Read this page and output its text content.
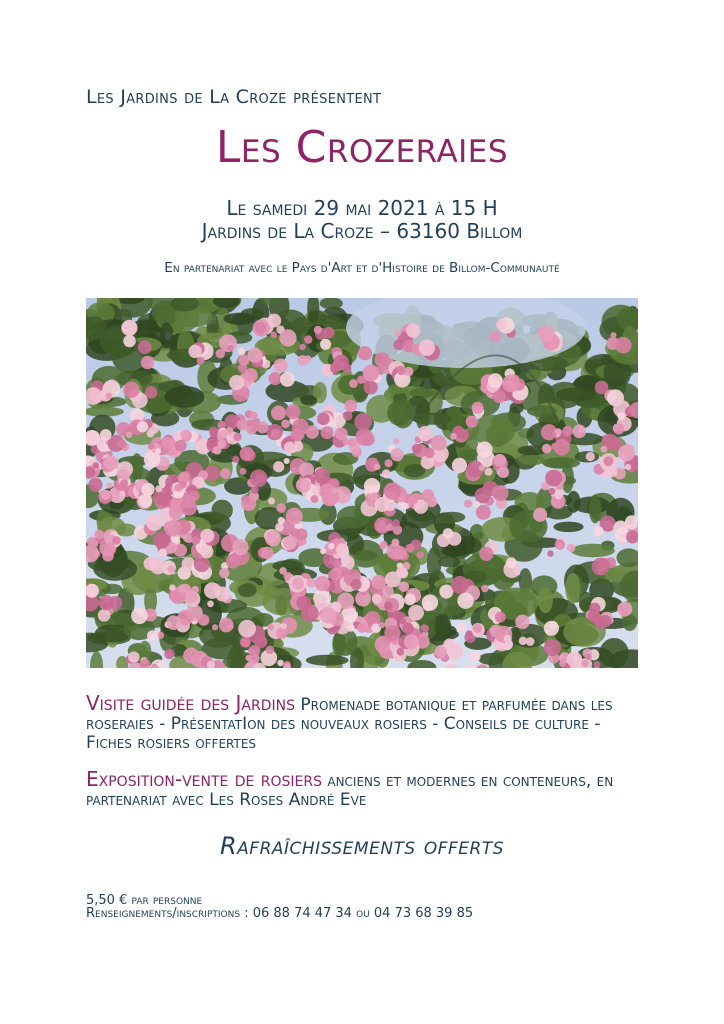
Les Jardins de La Croze présentent
Les Crozeraies
Le samedi 29 mai 2021 à 15 H
Jardins de La Croze – 63160 Billom
En partenariat avec le Pays d'Art et d'Histoire de Billom-Communauté
Visite guidée des Jardins Promenade botanique et parfumée dans les roseraies - PrésentatIon des nouveaux rosiers - Conseils de culture - Fiches rosiers offertes
Exposition-vente de rosiers anciens et modernes en conteneurs, en partenariat avec Les Roses André Eve
Rafraîchissements offerts
5,50 € par personne
Renseignements/inscriptions : 06 88 74 47 34 ou 04 73 68 39 85
